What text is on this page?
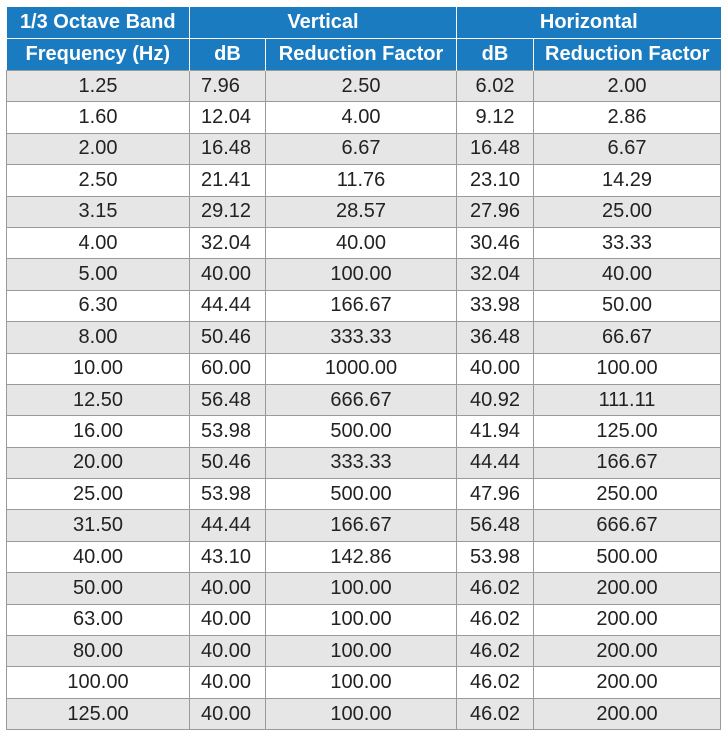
1/3 Octave Band	Vertical		Horizontal	
Frequency (Hz)	dB	Reduction Factor	dB	Reduction Factor
1.25	7.96	2.50	6.02	2.00
1.60	12.04	4.00	9.12	2.86
2.00	16.48	6.67	16.48	6.67
2.50	21.41	11.76	23.10	14.29
3.15	29.12	28.57	27.96	25.00
4.00	32.04	40.00	30.46	33.33
5.00	40.00	100.00	32.04	40.00
6.30	44.44	166.67	33.98	50.00
8.00	50.46	333.33	36.48	66.67
10.00	60.00	1000.00	40.00	100.00
12.50	56.48	666.67	40.92	111.11
16.00	53.98	500.00	41.94	125.00
20.00	50.46	333.33	44.44	166.67
25.00	53.98	500.00	47.96	250.00
31.50	44.44	166.67	56.48	666.67
40.00	43.10	142.86	53.98	500.00
50.00	40.00	100.00	46.02	200.00
63.00	40.00	100.00	46.02	200.00
80.00	40.00	100.00	46.02	200.00
100.00	40.00	100.00	46.02	200.00
125.00	40.00	100.00	46.02	200.00
